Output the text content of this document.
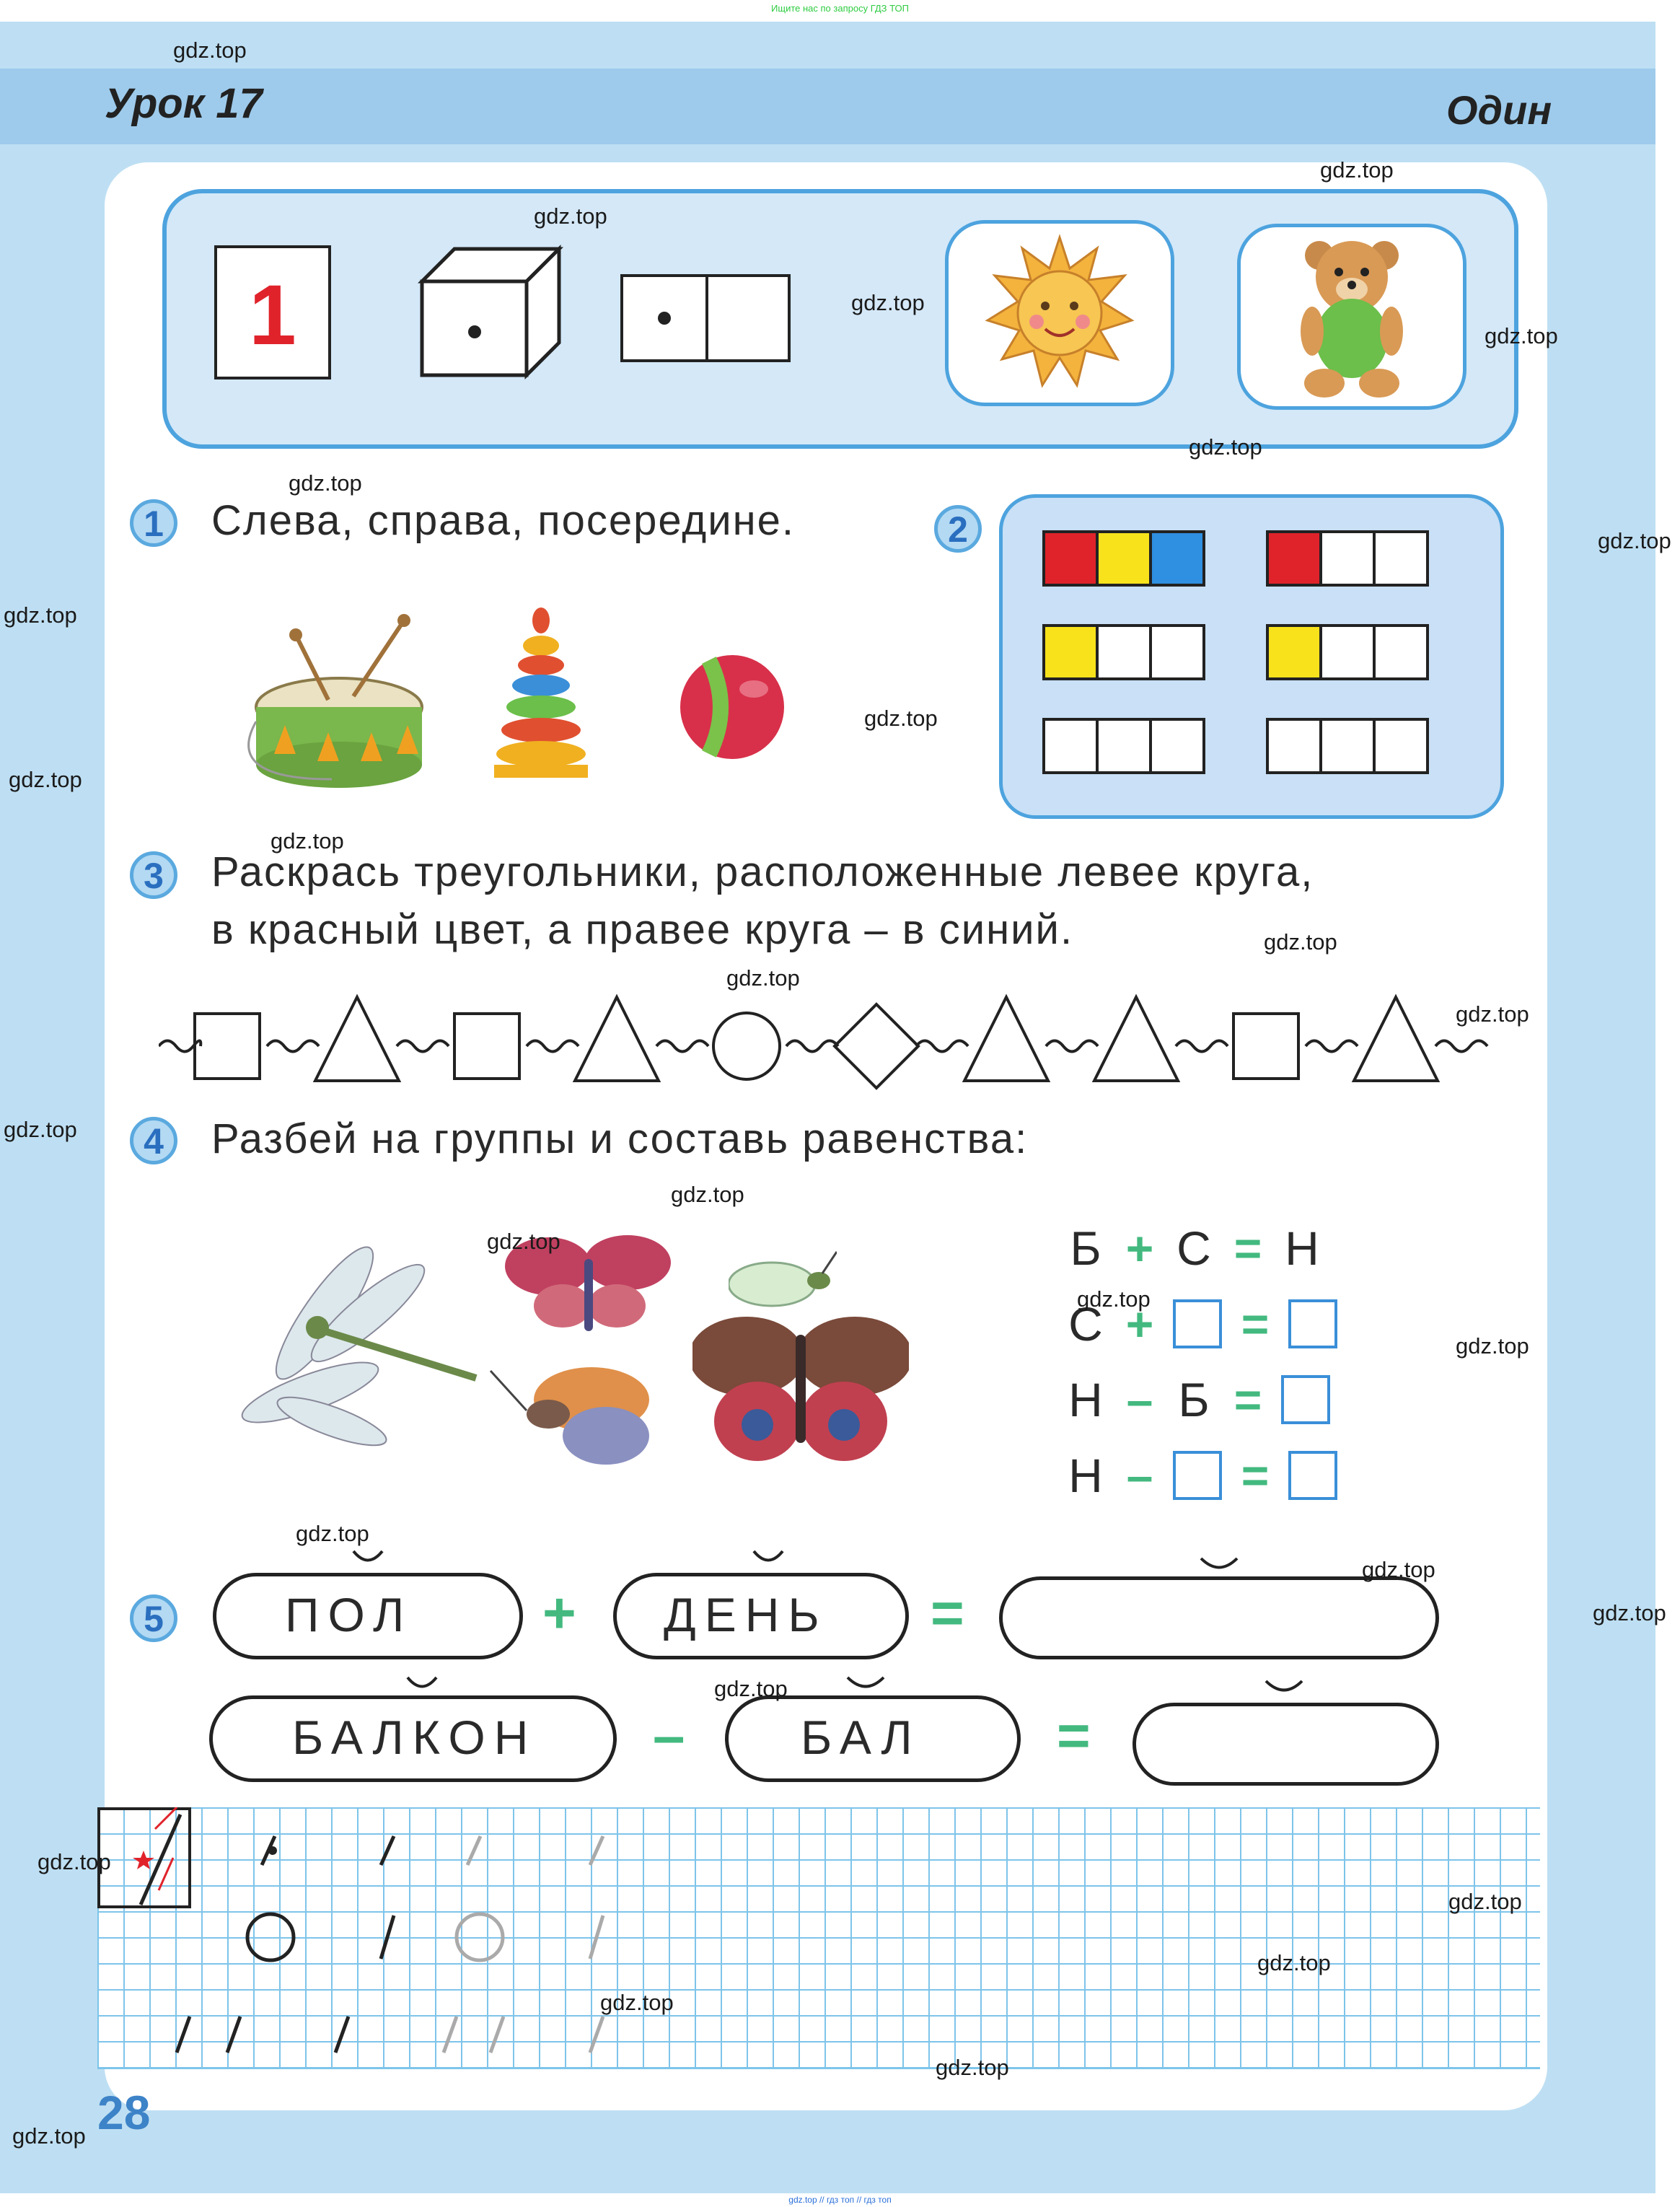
Ищите нас по запросу ГДЗ ТОП
Урок 17	Один
1
1	Слева, справа, посередине.	2
3	Раскрась треугольники, расположенные левее круга,
в красный цвет, а правее круга – в синий.
4	Разбей на группы и составь равенства:
Б + С = Н
С +	=
Н – Б =
Н –	=
5	ПОЛ + ДЕНЬ =
БАЛКОН – БАЛ =
28
gdz.top
gdz.top
gdz.top
gdz.top
gdz.top
gdz.top
gdz.top
gdz.top
gdz.top
gdz.top
gdz.top
gdz.top
gdz.top
gdz.top
gdz.top
gdz.top
gdz.top
gdz.top
gdz.top
gdz.top
gdz.top
gdz.top
gdz.top
gdz.top
gdz.top
gdz.top
gdz.top
gdz.top
gdz.top
gdz.top
gdz.top // гдз топ // гдз топ
